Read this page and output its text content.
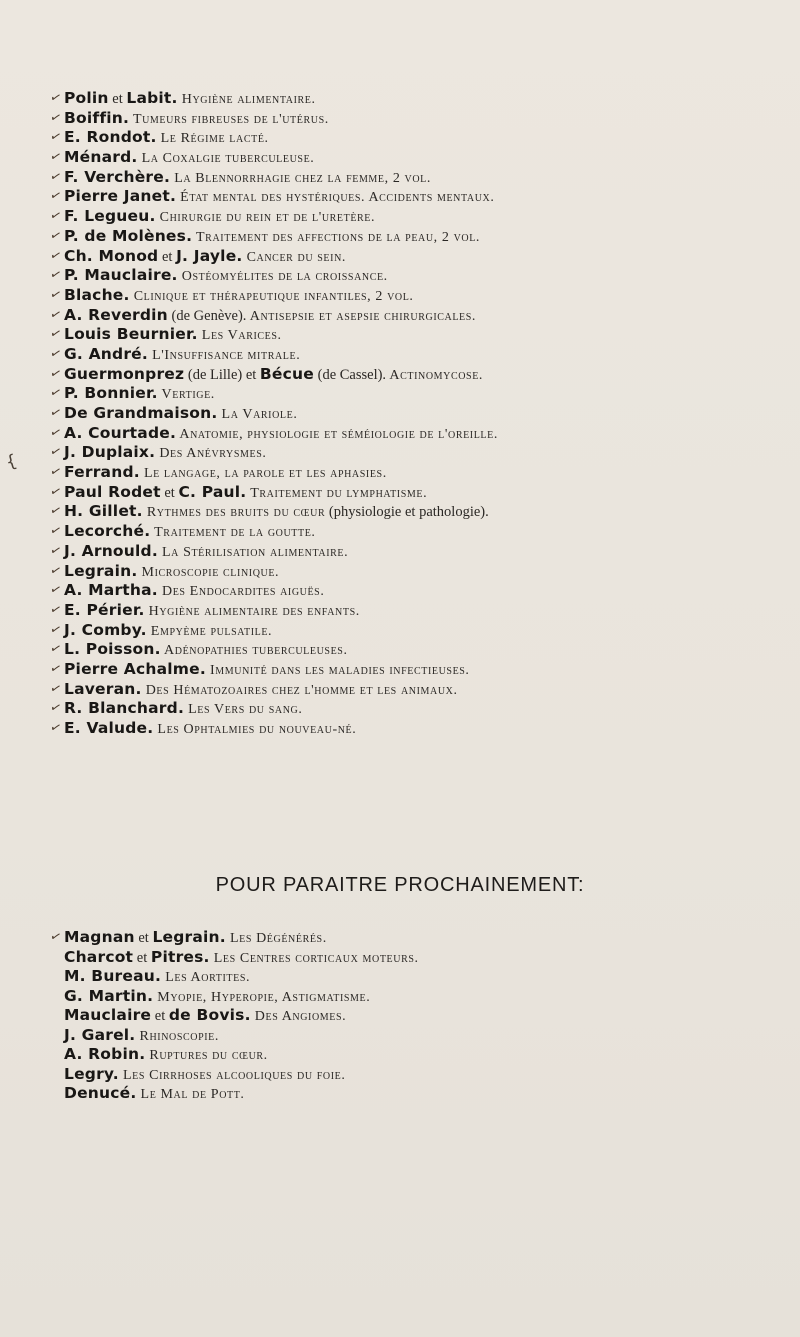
✓ Polin et Labit. Hygiène alimentaire.
✓ Boiffin. Tumeurs fibreuses de l'utérus.
✓ E. Rondot. Le Régime lacté.
✓ Ménard. La Coxalgie tuberculeuse.
✓ F. Verchère. La Blennorrhagie chez la femme, 2 vol.
✓ Pierre Janet. État mental des hystériques. Accidents mentaux.
✓ F. Legueu. Chirurgie du rein et de l'uretère.
✓ P. de Molènes. Traitement des affections de la peau, 2 vol.
✓ Ch. Monod et J. Jayle. Cancer du sein.
✓ P. Mauclaire. Ostéomyélites de la croissance.
✓ Blache. Clinique et thérapeutique infantiles, 2 vol.
✓ A. Reverdin (de Genève). Antisepsie et asepsie chirurgicales.
✓ Louis Beurnier. Les Varices.
✓ G. André. L'Insuffisance mitrale.
✓ Guermonprez (de Lille) et Bécue (de Cassel). Actinomycose.
✓ P. Bonnier. Vertige.
✓ De Grandmaison. La Variole.
✓ A. Courtade. Anatomie, physiologie et séméiologie de l'oreille.
✓ J. Duplaix. Des Anévrysmes.
✓ Ferrand. Le langage, la parole et les aphasies.
✓ Paul Rodet et C. Paul. Traitement du lymphatisme.
✓ H. Gillet. Rythmes des bruits du cœur (physiologie et pathologie).
✓ Lecorché. Traitement de la goutte.
✓ J. Arnould. La Stérilisation alimentaire.
✓ Legrain. Microscopie clinique.
✓ A. Martha. Des Endocardites aiguës.
✓ E. Périer. Hygiène alimentaire des enfants.
✓ J. Comby. Empyème pulsatile.
✓ L. Poisson. Adénopathies tuberculeuses.
✓ Pierre Achalme. Immunité dans les maladies infectieuses.
✓ Laveran. Des Hématozoaires chez l'homme et les animaux.
✓ R. Blanchard. Les Vers du sang.
✓ E. Valude. Les Ophtalmies du nouveau-né.
POUR PARAITRE PROCHAINEMENT:
✓ Magnan et Legrain. Les Dégénérés.
Charcot et Pitres. Les Centres corticaux moteurs.
M. Bureau. Les Aortites.
G. Martin. Myopie, Hyperopie, Astigmatisme.
Mauclaire et de Bovis. Des Angiomes.
J. Garel. Rhinoscopie.
A. Robin. Ruptures du cœur.
Legry. Les Cirrhoses alcooliques du foie.
Denucé. Le Mal de Pott.
{
